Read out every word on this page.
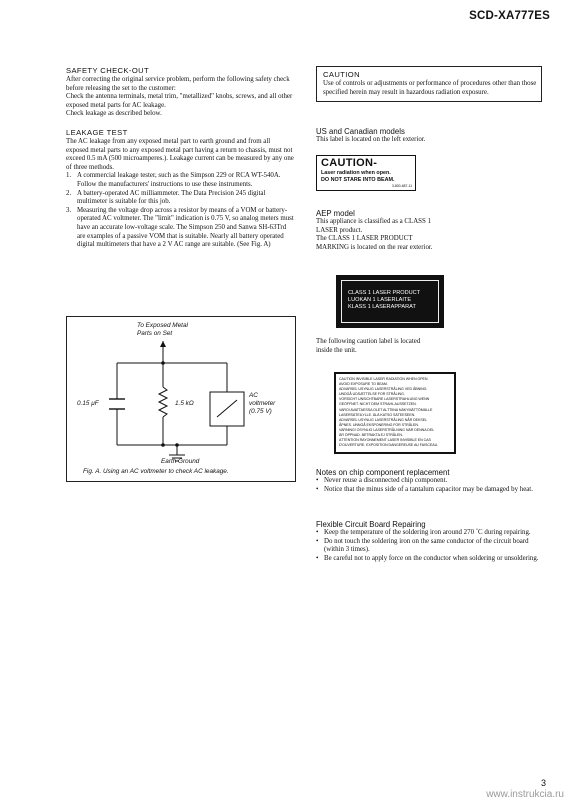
SCD-XA777ES
SAFETY CHECK-OUT
After correcting the original service problem, perform the following safety check before releasing the set to the customer:
Check the antenna terminals, metal trim, "metallized" knobs, screws, and all other exposed metal parts for AC leakage.
Check leakage as described below.
LEAKAGE TEST
The AC leakage from any exposed metal part to earth ground and from all exposed metal parts to any exposed metal part having a return to chassis, must not exceed 0.5 mA (500 microamperes.). Leakage current can be measured by any one of three methods.
1. A commercial leakage tester, such as the Simpson 229 or RCA WT-540A. Follow the manufacturers' instructions to use these instruments.
2. A battery-operated AC milliammeter. The Data Precision 245 digital multimeter is suitable for this job.
3. Measuring the voltage drop across a resistor by means of a VOM or battery-operated AC voltmeter. The "limit" indication is 0.75 V, so analog meters must have an accurate low-voltage scale. The Simpson 250 and Sanwa SH-63Trd are examples of a passive VOM that is suitable. Nearly all battery operated digital multimeters that have a 2 V AC range are suitable. (See Fig. A)
To Exposed Metal
Parts on Set
0.15 μF	1.5 kΩ
AC
voltmeter
(0.75 V)
Earth Ground
Fig. A. Using an AC voltmeter to check AC leakage.
CAUTION
Use of controls or adjustments or performance of procedures other than those specified herein may result in hazardous radiation exposure.
US and Canadian models
This label is located on the left exterior.
CAUTION-
Laser radiation when open.
DO NOT STARE INTO BEAM.
3-800-687-11
AEP model
This appliance is classified as a CLASS 1
LASER product.
The CLASS 1 LASER PRODUCT
MARKING is located on the rear exterior.
CLASS 1 LASER PRODUCT
LUOKAN 1 LASERLAITE
KLASS 1 LASERAPPARAT
The following caution label is located
inside the unit.
CAUTION INVISIBLE LASER RADIATION WHEN OPEN.
AVOID EXPOSURE TO BEAM.
ADVARSEL USYNLIG LASERSTRÅLING VED ÅBNING.
UNDGÅ UDSÆTTELSE FOR STRÅLING.
VORSICHT UNSICHTBARE LASERSTRAHLUNG WENN
GEÖFFNET. NICHT DEM STRAHL AUSSETZEN.
VARO! AVATTAESSA OLET ALTTIINA NÄKYMÄTTÖMÄLLE
LASERSÄTEILYLLE. ÄLÄ KATSO SÄTEESEEN.
ADVARSEL USYNLIG LASERSTRÅLING NÅR DEKSEL
ÅPNES. UNNGÅ EKSPONERING FOR STRÅLEN.
VARNING! OSYNLIG LASERSTRÅLNING NÄR DENNA DEL
ÄR ÖPPNAD. BETRAKTA EJ STRÅLEN.
ATTENTION RAYONNEMENT LASER INVISIBLE EN CAS
D'OUVERTURE. EXPOSITION DANGEREUSE AU FAISCEAU.
Notes on chip component replacement
• Never reuse a disconnected chip component.
• Notice that the minus side of a tantalum capacitor may be damaged by heat.
Flexible Circuit Board Repairing
• Keep the temperature of the soldering iron around 270 ˚C during repairing.
• Do not touch the soldering iron on the same conductor of the circuit board (within 3 times).
• Be careful not to apply force on the conductor when soldering or unsoldering.
3
www.instrukcia.ru
